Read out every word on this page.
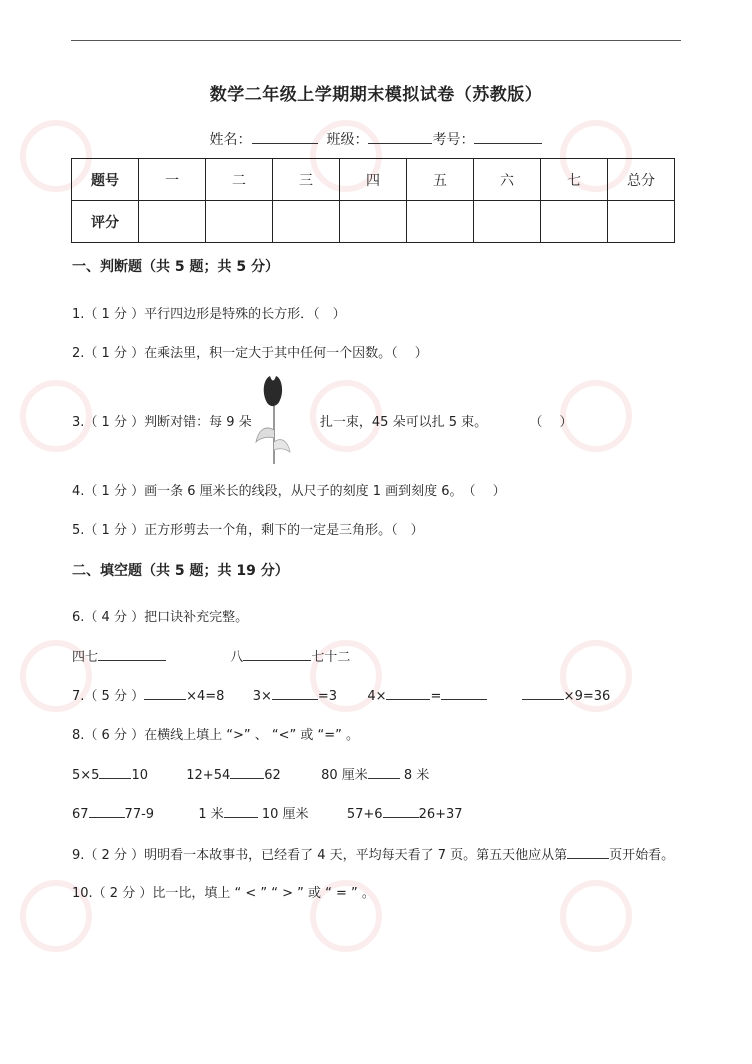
数学二年级上学期期末模拟试卷（苏教版）
姓名：	班级：	考号：
题号	一	二	三	四	五	六	七	总分
评分								
一、判断题（共 5 题；共 5 分）
1.（ 1 分 ）平行四边形是特殊的长方形．（　）
2.（ 1 分 ）在乘法里，积一定大于其中任何一个因数。（　 ）
3.（ 1 分 ）判断对错：每 9 朵	扎一束，45 朵可以扎 5 束。	（　 ）
4.（ 1 分 ）画一条 6 厘米长的线段，从尺子的刻度 1 画到刻度 6。　（　 ）
5.（ 1 分 ）正方形剪去一个角，剩下的一定是三角形。（　）
二、填空题（共 5 题；共 19 分）
6.（ 4 分 ）把口诀补充完整。
四七	八	七十二
7.（ 5 分 ）	×4=8 3×	=3 4×	=	×9=36
8.（ 6 分 ）在横线上填上 “>” 、 “<” 或 “=” 。
5×5 10	12+54	62	80 厘米 8 米
67	77-9	1 米	10 厘米	57+6	26+37
9.（ 2 分 ）明明看一本故事书，已经看了 4 天，平均每天看了 7 页。第五天他应从第	页开始看。
10.（ 2 分 ）比一比，填上 “ < ” “ > ” 或 “ = ” 。
